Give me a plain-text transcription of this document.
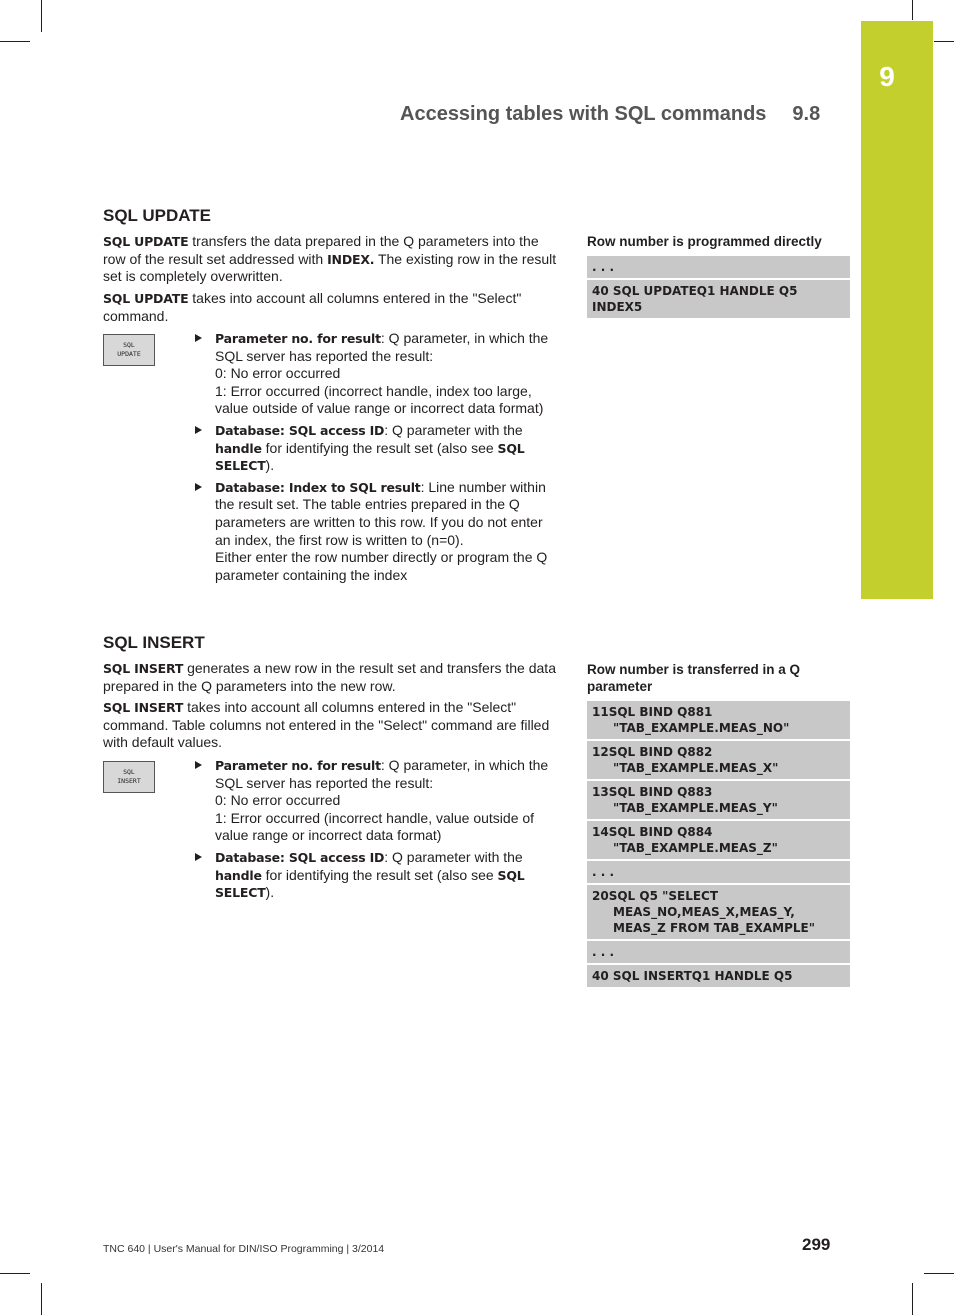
9
Accessing tables with SQL commands 9.8
SQL UPDATE

SQL UPDATE transfers the data prepared in the Q parameters into the row of the result set addressed with INDEX. The existing row in the result set is completely overwritten.

SQL UPDATE takes into account all columns entered in the "Select" command.

SQL
UPDATE
Parameter no. for result: Q parameter, in which the SQL server has reported the result:
0: No error occurred
1: Error occurred (incorrect handle, index too large, value outside of value range or incorrect data format)
Database: SQL access ID: Q parameter with the handle for identifying the result set (also see SQL SELECT).
Database: Index to SQL result: Line number within the result set. The table entries prepared in the Q parameters are written to this row. If you do not enter an index, the first row is written to (n=0).
Either enter the row number directly or program the Q parameter containing the index

Row number is programmed directly

. . .
40 SQL UPDATEQ1 HANDLE Q5 INDEX5
SQL INSERT

SQL INSERT generates a new row in the result set and transfers the data prepared in the Q parameters into the new row.

SQL INSERT takes into account all columns entered in the "Select" command. Table columns not entered in the "Select" command are filled with default values.

SQL
INSERT
Parameter no. for result: Q parameter, in which the SQL server has reported the result:
0: No error occurred
1: Error occurred (incorrect handle, value outside of value range or incorrect data format)
Database: SQL access ID: Q parameter with the handle for identifying the result set (also see SQL SELECT).

Row number is transferred in a Q parameter

11SQL BIND Q881
"TAB_EXAMPLE.MEAS_NO"
12SQL BIND Q882
"TAB_EXAMPLE.MEAS_X"
13SQL BIND Q883
"TAB_EXAMPLE.MEAS_Y"
14SQL BIND Q884
"TAB_EXAMPLE.MEAS_Z"
. . .
20SQL Q5 "SELECT
MEAS_NO,MEAS_X,MEAS_Y, MEAS_Z FROM TAB_EXAMPLE"
. . .
40 SQL INSERTQ1 HANDLE Q5
TNC 640 | User's Manual for DIN/ISO Programming | 3/2014	299
